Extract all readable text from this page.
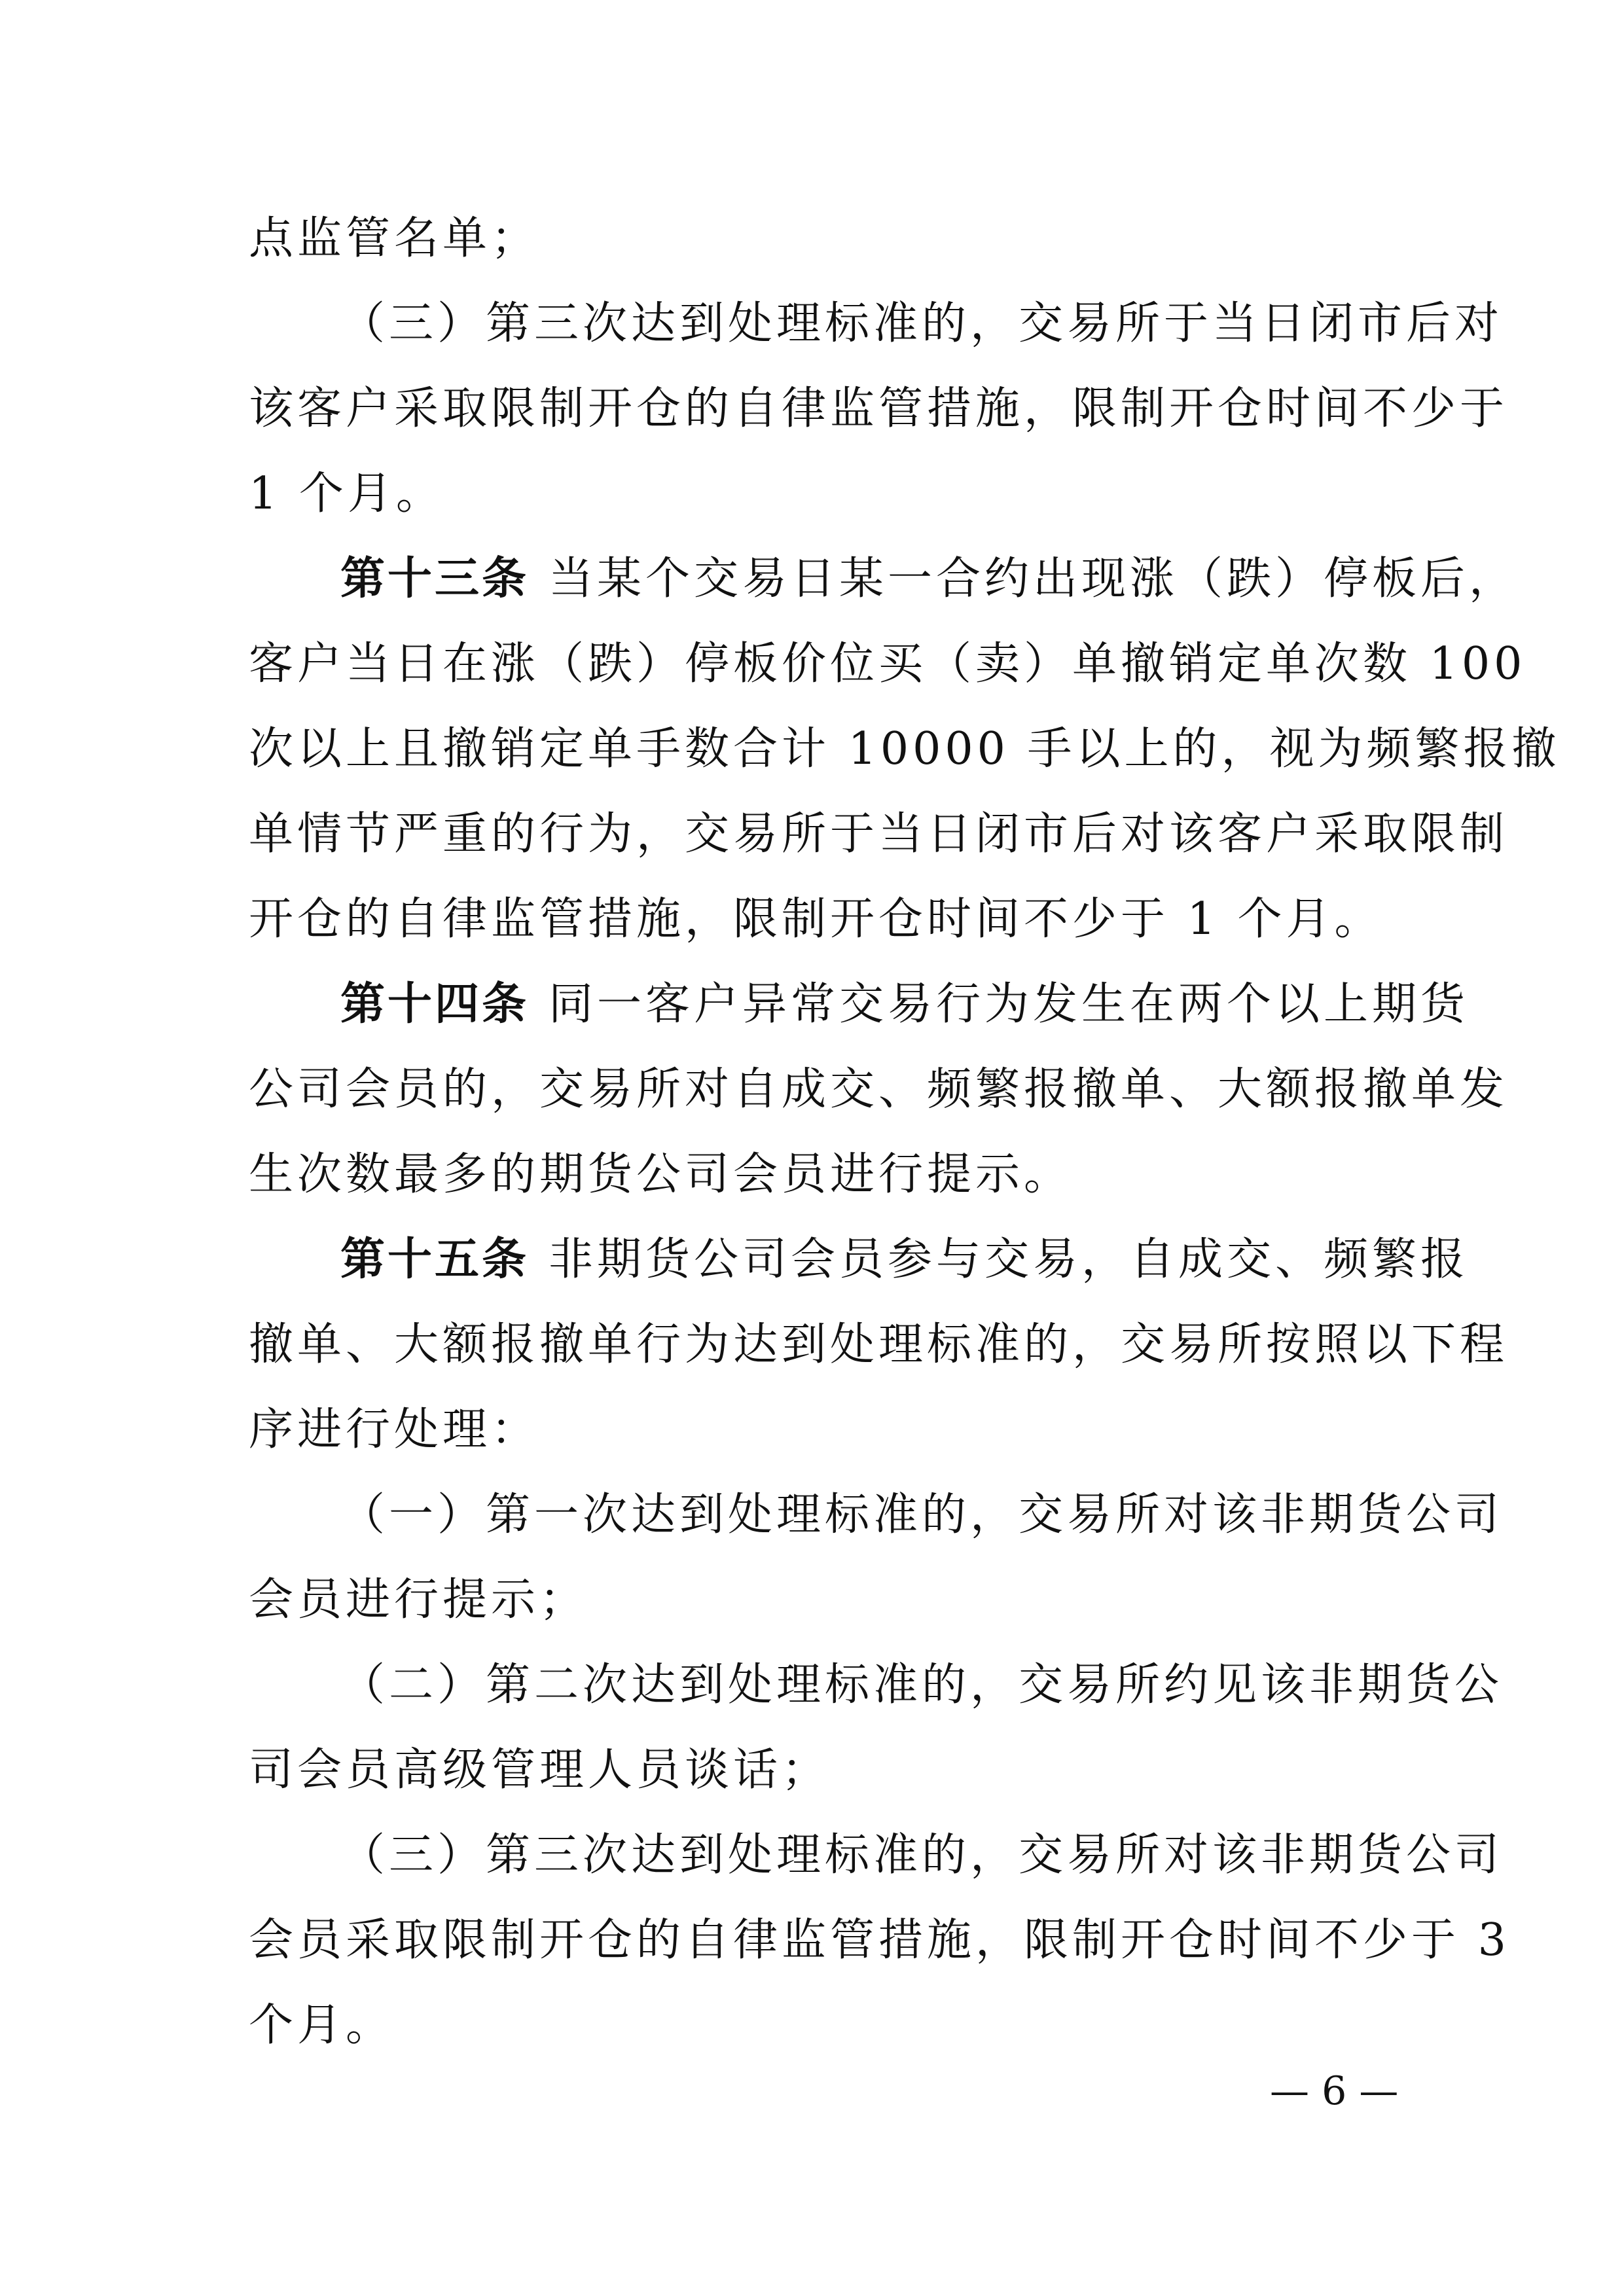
点监管名单；
（三）第三次达到处理标准的，交易所于当日闭市后对
该客户采取限制开仓的自律监管措施，限制开仓时间不少于
1 个月。
第十三条 当某个交易日某一合约出现涨（跌）停板后，
客户当日在涨（跌）停板价位买（卖）单撤销定单次数 100
次以上且撤销定单手数合计 10000 手以上的，视为频繁报撤
单情节严重的行为，交易所于当日闭市后对该客户采取限制
开仓的自律监管措施，限制开仓时间不少于 1 个月。
第十四条 同一客户异常交易行为发生在两个以上期货
公司会员的，交易所对自成交、频繁报撤单、大额报撤单发
生次数最多的期货公司会员进行提示。
第十五条 非期货公司会员参与交易，自成交、频繁报
撤单、大额报撤单行为达到处理标准的，交易所按照以下程
序进行处理：
（一）第一次达到处理标准的，交易所对该非期货公司
会员进行提示；
（二）第二次达到处理标准的，交易所约见该非期货公
司会员高级管理人员谈话；
（三）第三次达到处理标准的，交易所对该非期货公司
会员采取限制开仓的自律监管措施，限制开仓时间不少于 3
个月。
— 6 —
